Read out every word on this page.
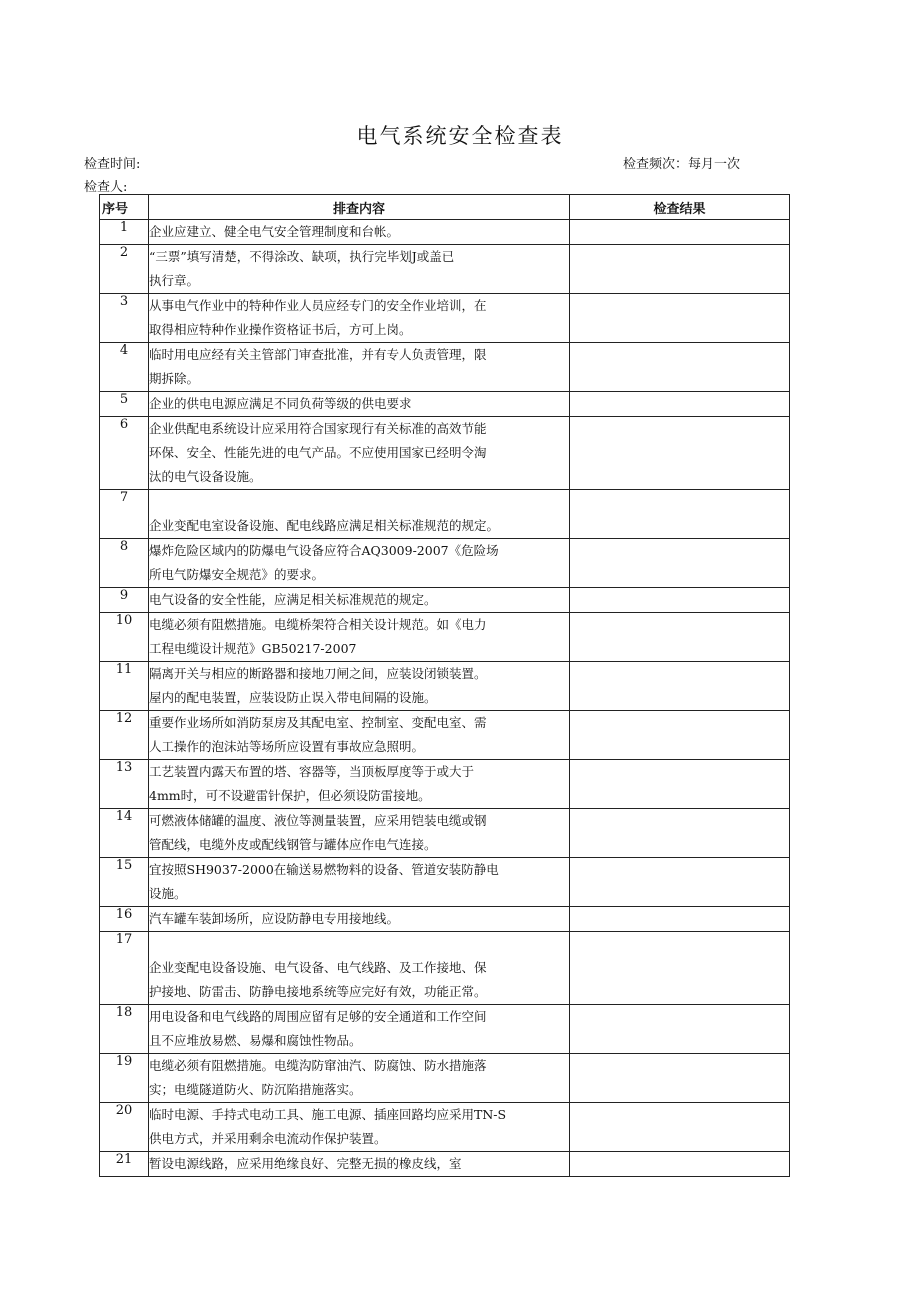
电气系统安全检查表
检查时间:	检查频次：每月一次
检查人:
序号	排查内容	检查结果
1	企业应建立、健全电气安全管理制度和台帐。	

2	“三票”填写清楚，不得涂改、缺项，执行完毕划J或盖已
执行章。	

3	从事电气作业中的特种作业人员应经专门的安全作业培训，在
取得相应特种作业操作资格证书后，方可上岗。	

4	临时用电应经有关主管部门审查批准，并有专人负责管理，限
期拆除。	

5	企业的供电电源应满足不同负荷等级的供电要求	

6	企业供配电系统设计应采用符合国家现行有关标准的高效节能
环保、安全、性能先进的电气产品。不应使用国家已经明令淘
汰的电气设备设施。	

7	企业变配电室设备设施、配电线路应满足相关标准规范的规定。	

8	爆炸危险区域内的防爆电气设备应符合AQ3009-2007《危险场
所电气防爆安全规范》的要求。	

9	电气设备的安全性能，应满足相关标准规范的规定。	

10	电缆必须有阻燃措施。电缆桥架符合相关设计规范。如《电力
工程电缆设计规范》GB50217-2007	

11	隔离开关与相应的断路器和接地刀闸之间，应装设闭锁装置。
屋内的配电装置，应装设防止误入带电间隔的设施。	

12	重要作业场所如消防泵房及其配电室、控制室、变配电室、需
人工操作的泡沫站等场所应设置有事故应急照明。	

13	工艺装置内露天布置的塔、容器等，当顶板厚度等于或大于
4mm时，可不设避雷针保护，但必须设防雷接地。	

14	可燃液体储罐的温度、液位等测量装置，应采用铠装电缆或钢
管配线，电缆外皮或配线钢管与罐体应作电气连接。	

15	宜按照SH9037-2000在输送易燃物料的设备、管道安装防静电
设施。	

16	汽车罐车装卸场所，应设防静电专用接地线。	

17	企业变配电设备设施、电气设备、电气线路、及工作接地、保
护接地、防雷击、防静电接地系统等应完好有效，功能正常。	

18	用电设备和电气线路的周围应留有足够的安全通道和工作空间
且不应堆放易燃、易爆和腐蚀性物品。	

19	电缆必须有阻燃措施。电缆沟防窜油汽、防腐蚀、防水措施落
实；电缆隧道防火、防沉陷措施落实。	

20	临时电源、手持式电动工具、施工电源、插座回路均应采用TN-S
供电方式，并采用剩余电流动作保护装置。	

21	暂设电源线路，应采用绝缘良好、完整无损的橡皮线，室	
